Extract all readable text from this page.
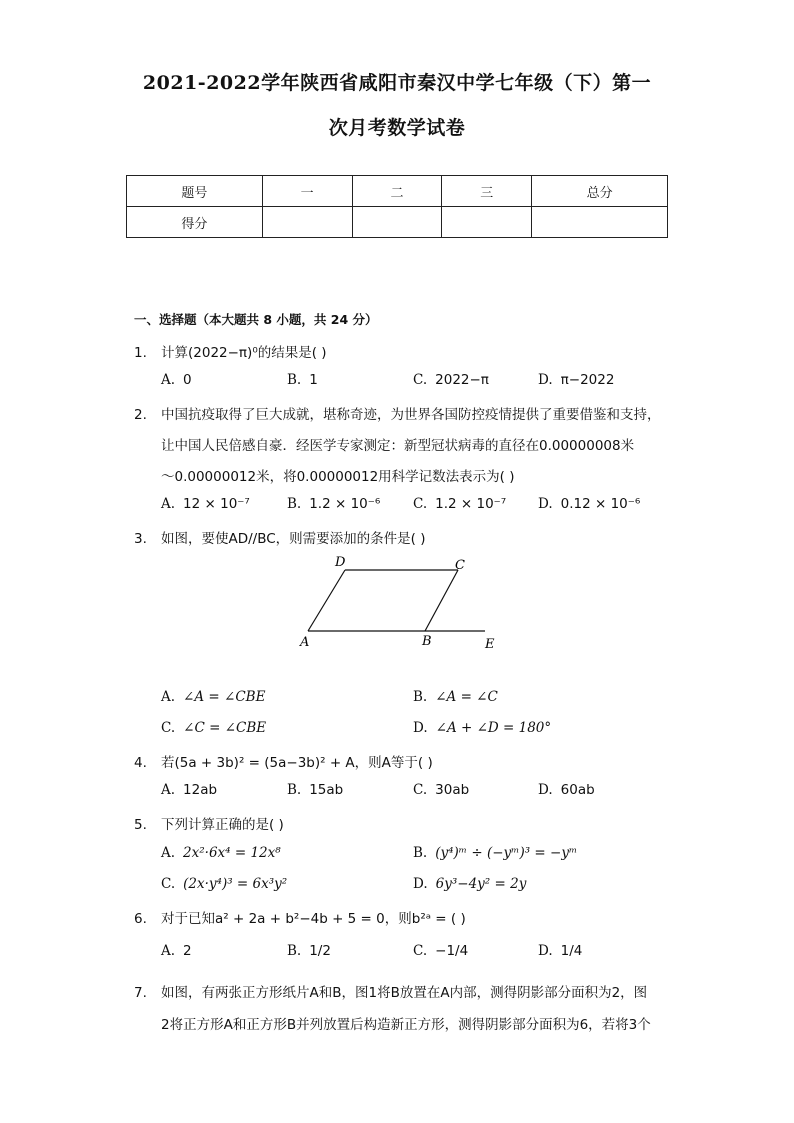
2021-2022学年陕西省咸阳市秦汉中学七年级（下）第一
次月考数学试卷
题号	一	二	三	总分
得分				
一、选择题（本大题共 8 小题，共 24 分）
1. 计算(2022−π)⁰的结果是( )
A. 0	B. 1	C. 2022−π	D. π−2022
2. 中国抗疫取得了巨大成就，堪称奇迹，为世界各国防控疫情提供了重要借鉴和支持，
让中国人民倍感自豪．经医学专家测定：新型冠状病毒的直径在0.00000008米
～0.00000012米，将0.00000012用科学记数法表示为( )
A. 12 × 10⁻⁷	B. 1.2 × 10⁻⁶ C. 1.2 × 10⁻⁷ D. 0.12 × 10⁻⁶
3. 如图，要使AD//BC，则需要添加的条件是( )
D	C
A	B	E
A. ∠A = ∠CBE	B. ∠A = ∠C
C. ∠C = ∠CBE	D. ∠A + ∠D = 180°
4. 若(5a + 3b)² = (5a−3b)² + A，则A等于( )
A. 12ab	B. 15ab	C. 30ab	D. 60ab
5. 下列计算正确的是( )
A. 2x²·6x⁴ = 12x⁸	B. (y⁴)ᵐ ÷ (−yᵐ)³ = −yᵐ
C. (2x·y⁴)³ = 6x³y²	D. 6y³−4y² = 2y
6. 对于已知a² + 2a + b²−4b + 5 = 0，则b²ᵃ = ( )
A. 2	B. 1/2	C. −1/4	D. 1/4
7. 如图，有两张正方形纸片A和B，图1将B放置在A内部，测得阴影部分面积为2，图
2将正方形A和正方形B并列放置后构造新正方形，测得阴影部分面积为6，若将3个
